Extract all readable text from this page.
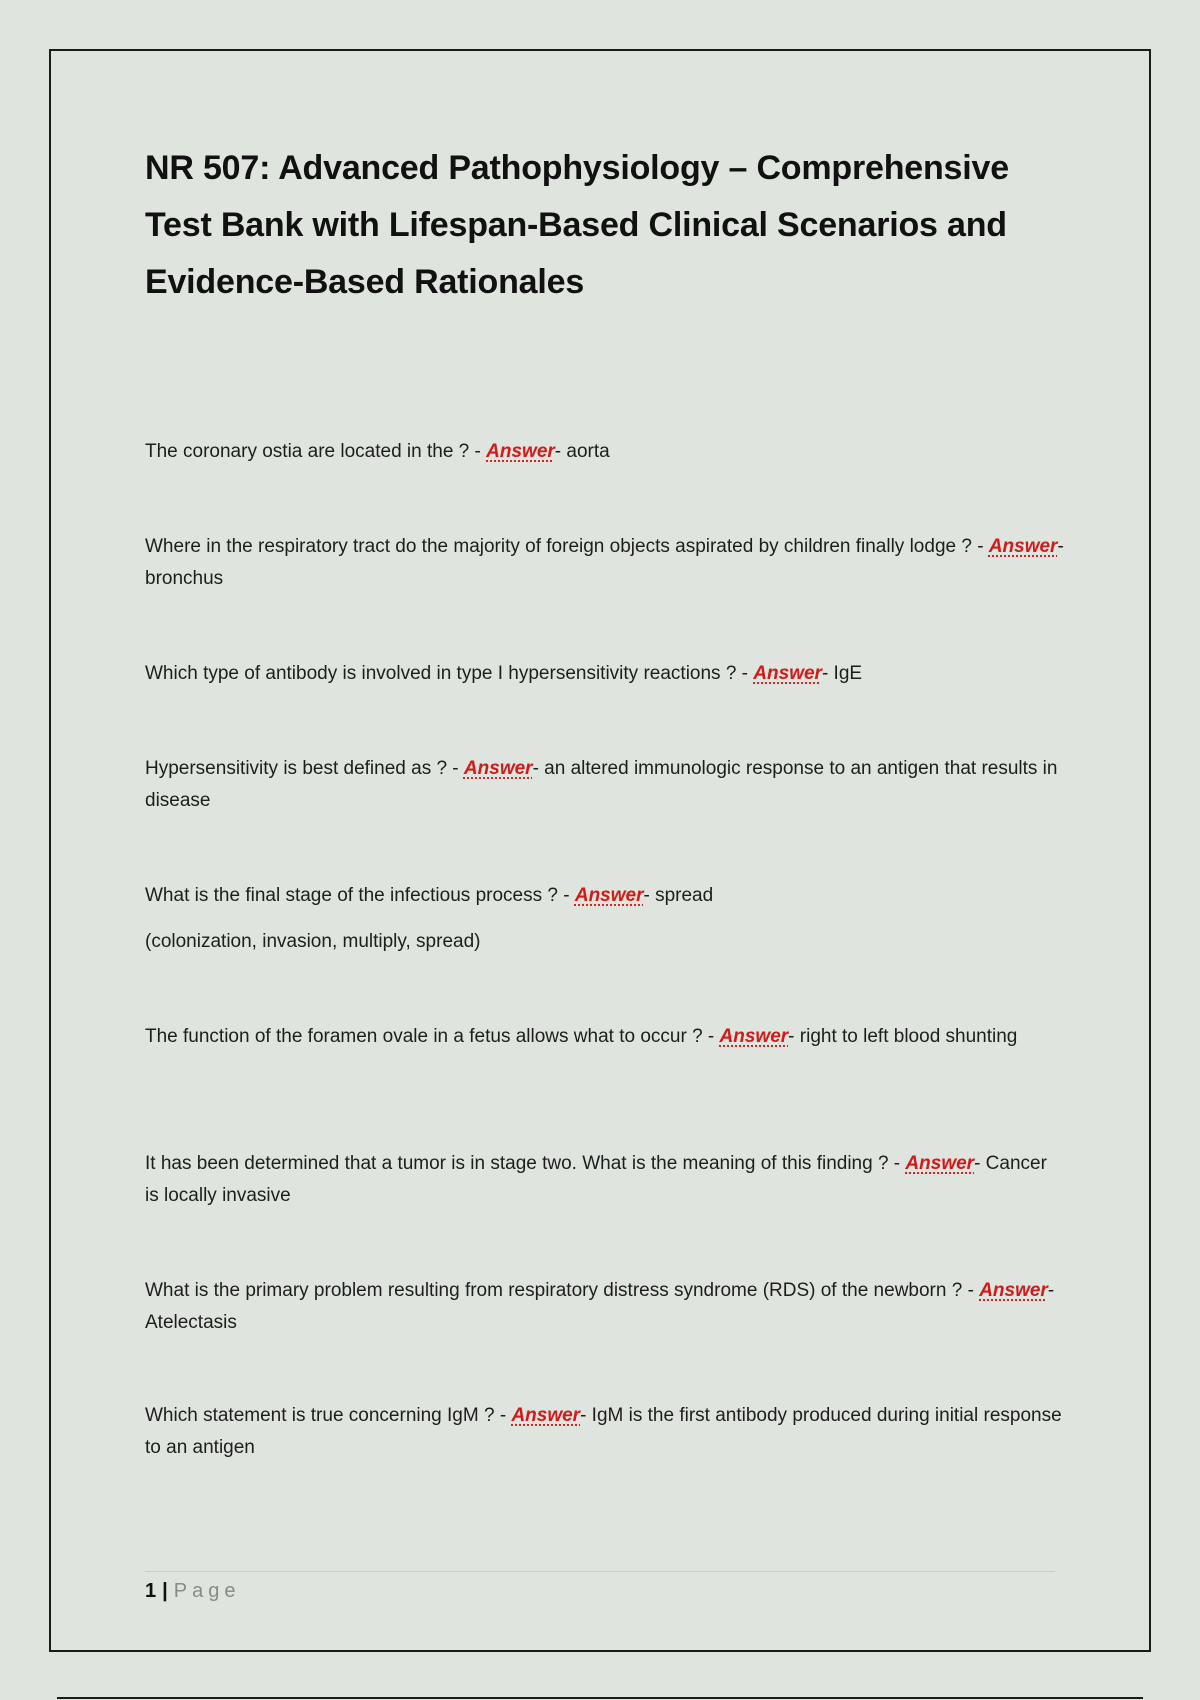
NR 507: Advanced Pathophysiology – Comprehensive Test Bank with Lifespan-Based Clinical Scenarios and Evidence-Based Rationales

The coronary ostia are located in the ? - Answer- aorta

Where in the respiratory tract do the majority of foreign objects aspirated by children finally lodge ? - Answer- bronchus

Which type of antibody is involved in type I hypersensitivity reactions ? - Answer- IgE

Hypersensitivity is best defined as ? - Answer- an altered immunologic response to an antigen that results in disease

What is the final stage of the infectious process ? - Answer- spread

(colonization, invasion, multiply, spread)

The function of the foramen ovale in a fetus allows what to occur ? - Answer- right to left blood shunting

It has been determined that a tumor is in stage two. What is the meaning of this finding ? - Answer- Cancer is locally invasive

What is the primary problem resulting from respiratory distress syndrome (RDS) of the newborn ? - Answer- Atelectasis

Which statement is true concerning IgM ? - Answer- IgM is the first antibody produced during initial response to an antigen

1 | Page
